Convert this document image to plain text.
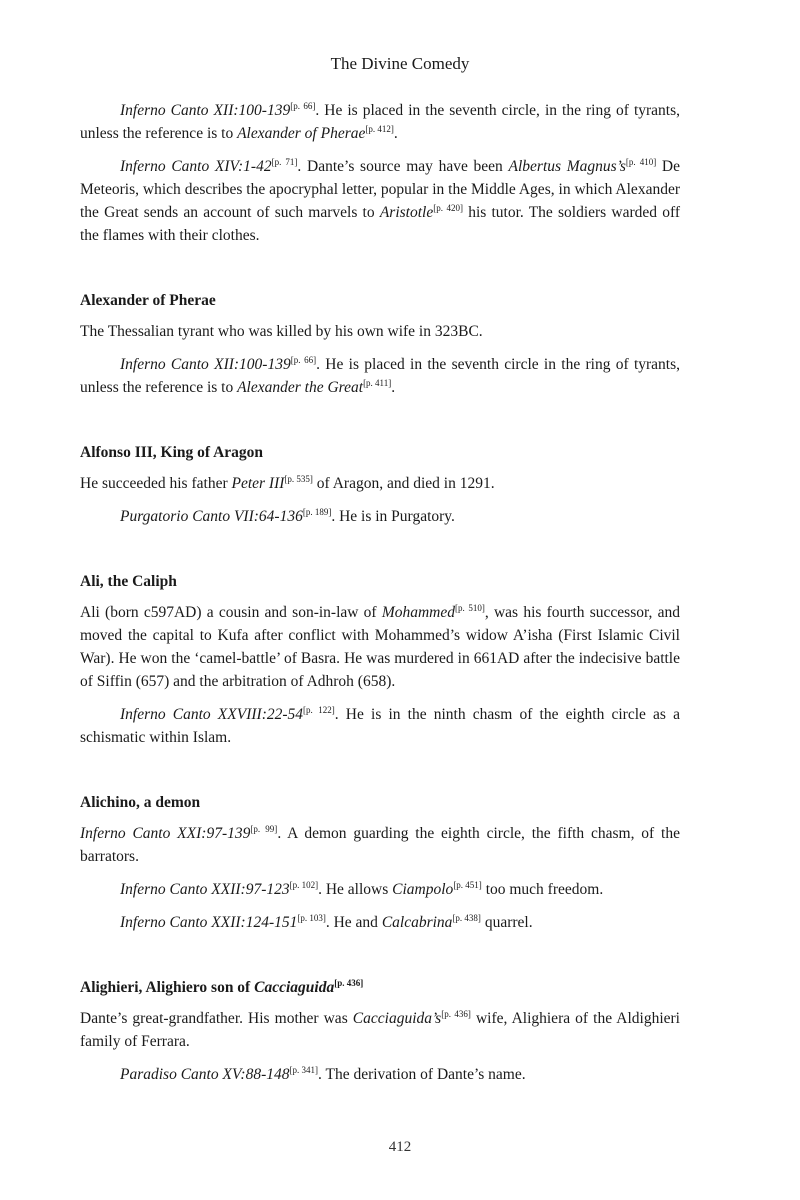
The Divine Comedy

Inferno Canto XII:100-139[p. 66]. He is placed in the seventh circle, in the ring of tyrants, unless the reference is to Alexander of Pherae[p. 412].

Inferno Canto XIV:1-42[p. 71]. Dante’s source may have been Albertus Magnus’s[p. 410] De Meteoris, which describes the apocryphal letter, popular in the Middle Ages, in which Alexander the Great sends an account of such marvels to Aristotle[p. 420] his tutor. The soldiers warded off the flames with their clothes.

Alexander of Pherae

The Thessalian tyrant who was killed by his own wife in 323BC.

Inferno Canto XII:100-139[p. 66]. He is placed in the seventh circle in the ring of tyrants, unless the reference is to Alexander the Great[p. 411].

Alfonso III, King of Aragon

He succeeded his father Peter III[p. 535] of Aragon, and died in 1291.

Purgatorio Canto VII:64-136[p. 189]. He is in Purgatory.

Ali, the Caliph

Ali (born c597AD) a cousin and son-in-law of Mohammed[p. 510], was his fourth successor, and moved the capital to Kufa after conflict with Mohammed’s widow A’isha (First Islamic Civil War). He won the ‘camel-battle’ of Basra. He was murdered in 661AD after the indecisive battle of Siffin (657) and the arbitration of Adhroh (658).

Inferno Canto XXVIII:22-54[p. 122]. He is in the ninth chasm of the eighth circle as a schismatic within Islam.

Alichino, a demon

Inferno Canto XXI:97-139[p. 99]. A demon guarding the eighth circle, the fifth chasm, of the barrators.

Inferno Canto XXII:97-123[p. 102]. He allows Ciampolo[p. 451] too much freedom.

Inferno Canto XXII:124-151[p. 103]. He and Calcabrina[p. 438] quarrel.

Alighieri, Alighiero son of Cacciaguida[p. 436]

Dante’s great-grandfather. His mother was Cacciaguida’s[p. 436] wife, Alighiera of the Aldighieri family of Ferrara.

Paradiso Canto XV:88-148[p. 341]. The derivation of Dante’s name.

412
